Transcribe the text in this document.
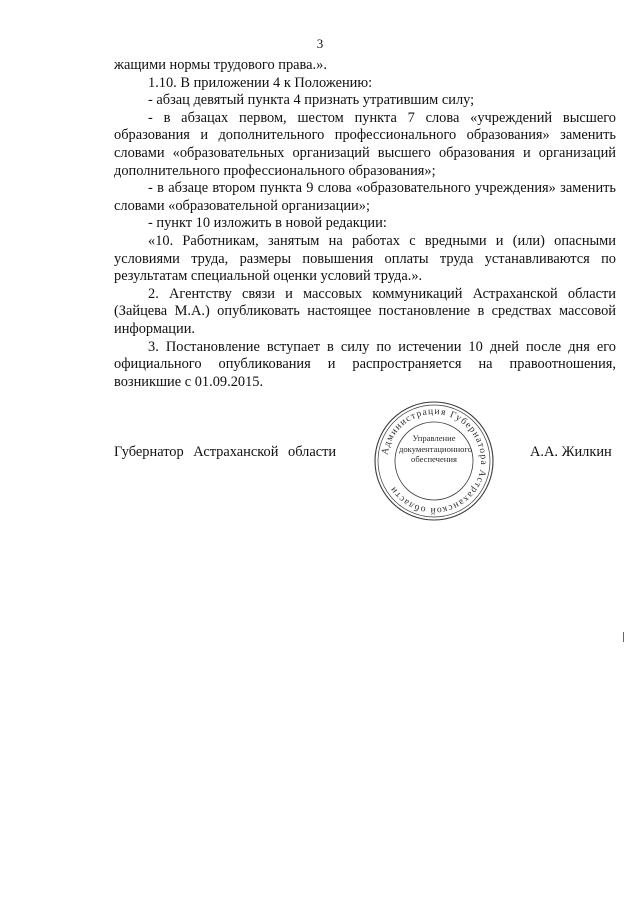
3

жащими нормы трудового права.».

1.10. В приложении 4 к Положению:

- абзац девятый пункта 4 признать утратившим силу;

- в абзацах первом, шестом пункта 7 слова «учреждений высшего образования и дополнительного профессионального образования» заменить словами «образовательных организаций высшего образования и организаций дополнительного профессионального образования»;

- в абзаце втором пункта 9 слова «образовательного учреждения» заменить словами «образовательной организации»;

- пункт 10 изложить в новой редакции:

«10. Работникам, занятым на работах с вредными и (или) опасными условиями труда, размеры повышения оплаты труда устанавливаются по результатам специальной оценки условий труда.».

2. Агентству связи и массовых коммуникаций Астраханской области (Зайцева М.А.) опубликовать настоящее постановление в средствах массовой информации.

3. Постановление вступает в силу по истечении 10 дней после дня его официального опубликования и распространяется на правоотношения, возникшие с 01.09.2015.

Губернатор Астраханской области	Администрация Губернатора Астраханской области
Управление
документационного
обеспечения	А.А. Жилкин
